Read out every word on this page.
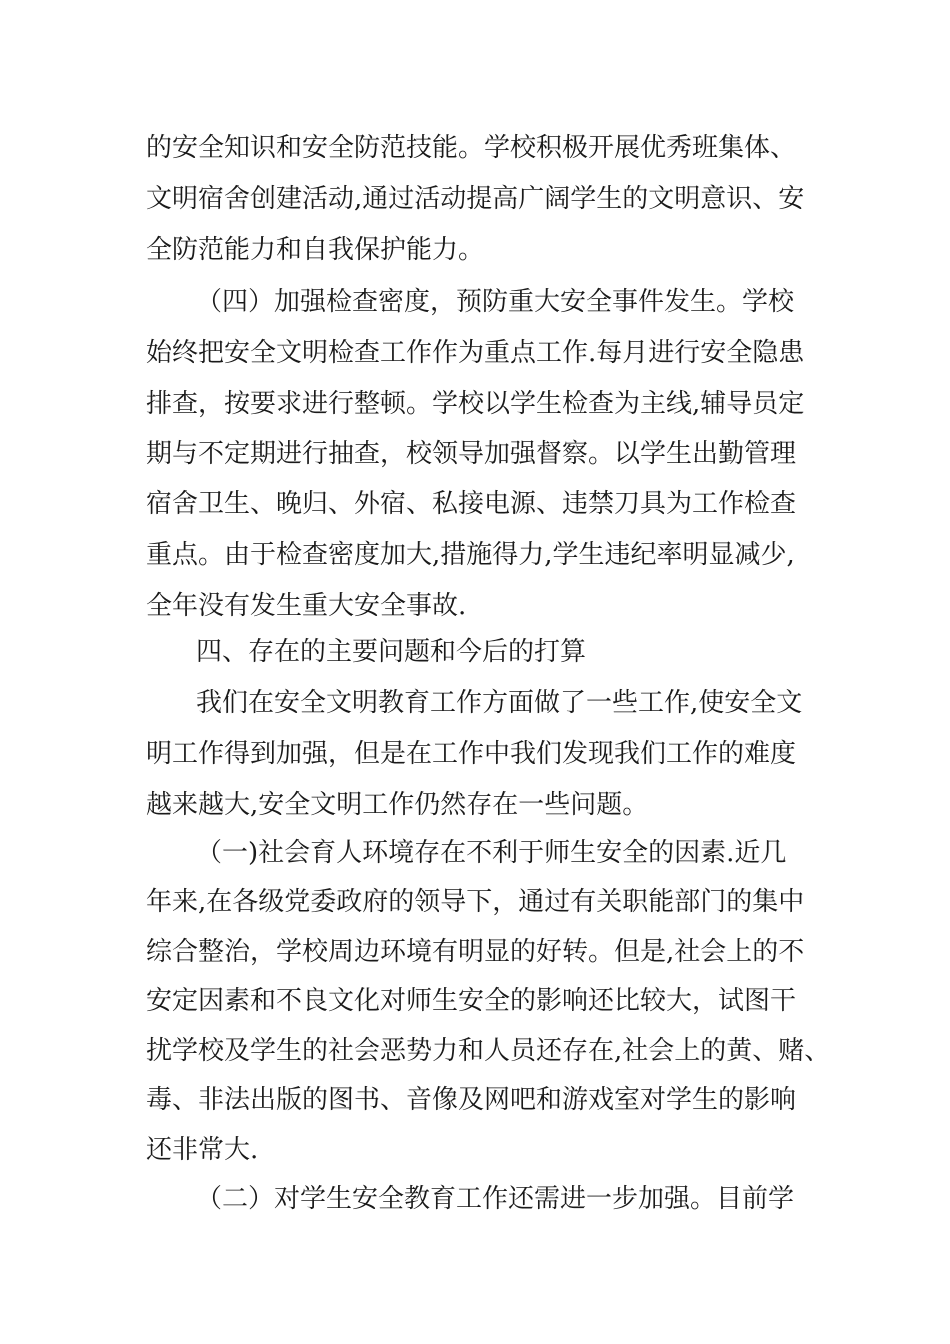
的安全知识和安全防范技能。学校积极开展优秀班集体、
文明宿舍创建活动,通过活动提高广阔学生的文明意识、安
全防范能力和自我保护能力。
（四）加强检查密度，预防重大安全事件发生。学校
始终把安全文明检查工作作为重点工作.每月进行安全隐患
排查，按要求进行整顿。学校以学生检查为主线,辅导员定
期与不定期进行抽查，校领导加强督察。以学生出勤管理
宿舍卫生、晚归、外宿、私接电源、违禁刀具为工作检查
重点。由于检查密度加大,措施得力,学生违纪率明显减少,
全年没有发生重大安全事故.
四、存在的主要问题和今后的打算
我们在安全文明教育工作方面做了一些工作,使安全文
明工作得到加强，但是在工作中我们发现我们工作的难度
越来越大,安全文明工作仍然存在一些问题。
（一)社会育人环境存在不利于师生安全的因素.近几
年来,在各级党委政府的领导下，通过有关职能部门的集中
综合整治，学校周边环境有明显的好转。但是,社会上的不
安定因素和不良文化对师生安全的影响还比较大，试图干
扰学校及学生的社会恶势力和人员还存在,社会上的黄、赌、
毒、非法出版的图书、音像及网吧和游戏室对学生的影响
还非常大.
（二）对学生安全教育工作还需进一步加强。目前学
